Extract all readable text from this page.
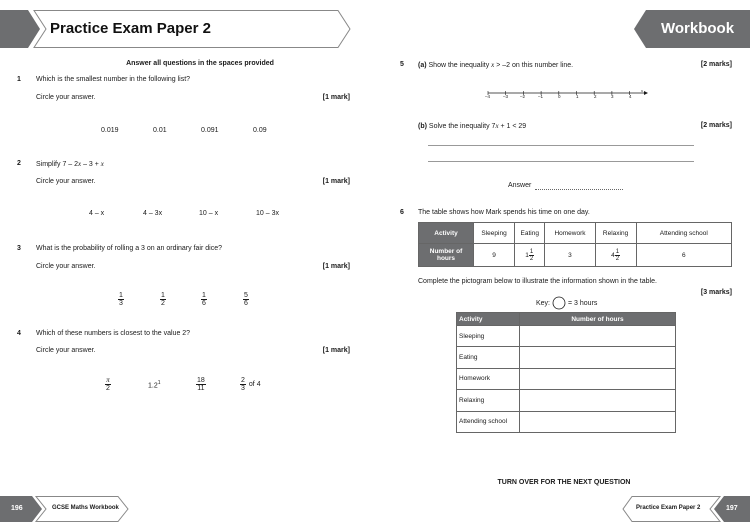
Practice Exam Paper 2	Workbook
Answer all questions in the spaces provided
1 Which is the smallest number in the following list?
Circle your answer.	[1 mark]
0.019	0.01	0.091	0.09
2 Simplify 7 – 2x – 3 + x
Circle your answer.	[1 mark]
4 – x	4 – 3x	10 – x	10 – 3x
3 What is the probability of rolling a 3 on an ordinary fair dice?
Circle your answer.	[1 mark]
$\frac{1}{3}$	$\frac{1}{2}$	$\frac{1}{6}$	$\frac{5}{6}$
4 Which of these numbers is closest to the value 2?
Circle your answer.	[1 mark]
$\frac{\pi}{2}$	$1.2^1$	$\frac{18}{11}$	$\frac{2}{3}$ of 4
196	GCSE Maths Workbook
5 (a) Show the inequality x > –2 on this number line.	[2 marks]
–4	–3	–2	–1	0	1	2	3	4
x
(b) Solve the inequality 7x + 1 < 29	[2 marks]
Answer
6 The table shows how Mark spends his time on one day.
Activity	Sleeping	Eating	Homework	Relaxing	Attending school
Number of hours	9	$1 \frac{1}{2}$	3	$4 \frac{1}{2}$	6
Complete the pictogram below to illustrate the information shown in the table.
[3 marks]
Key:	= 3 hours
Activity	Number of hours
Sleeping	
Eating	
Homework	
Relaxing	
Attending school	
TURN OVER FOR THE NEXT QUESTION
Practice Exam Paper 2	197
